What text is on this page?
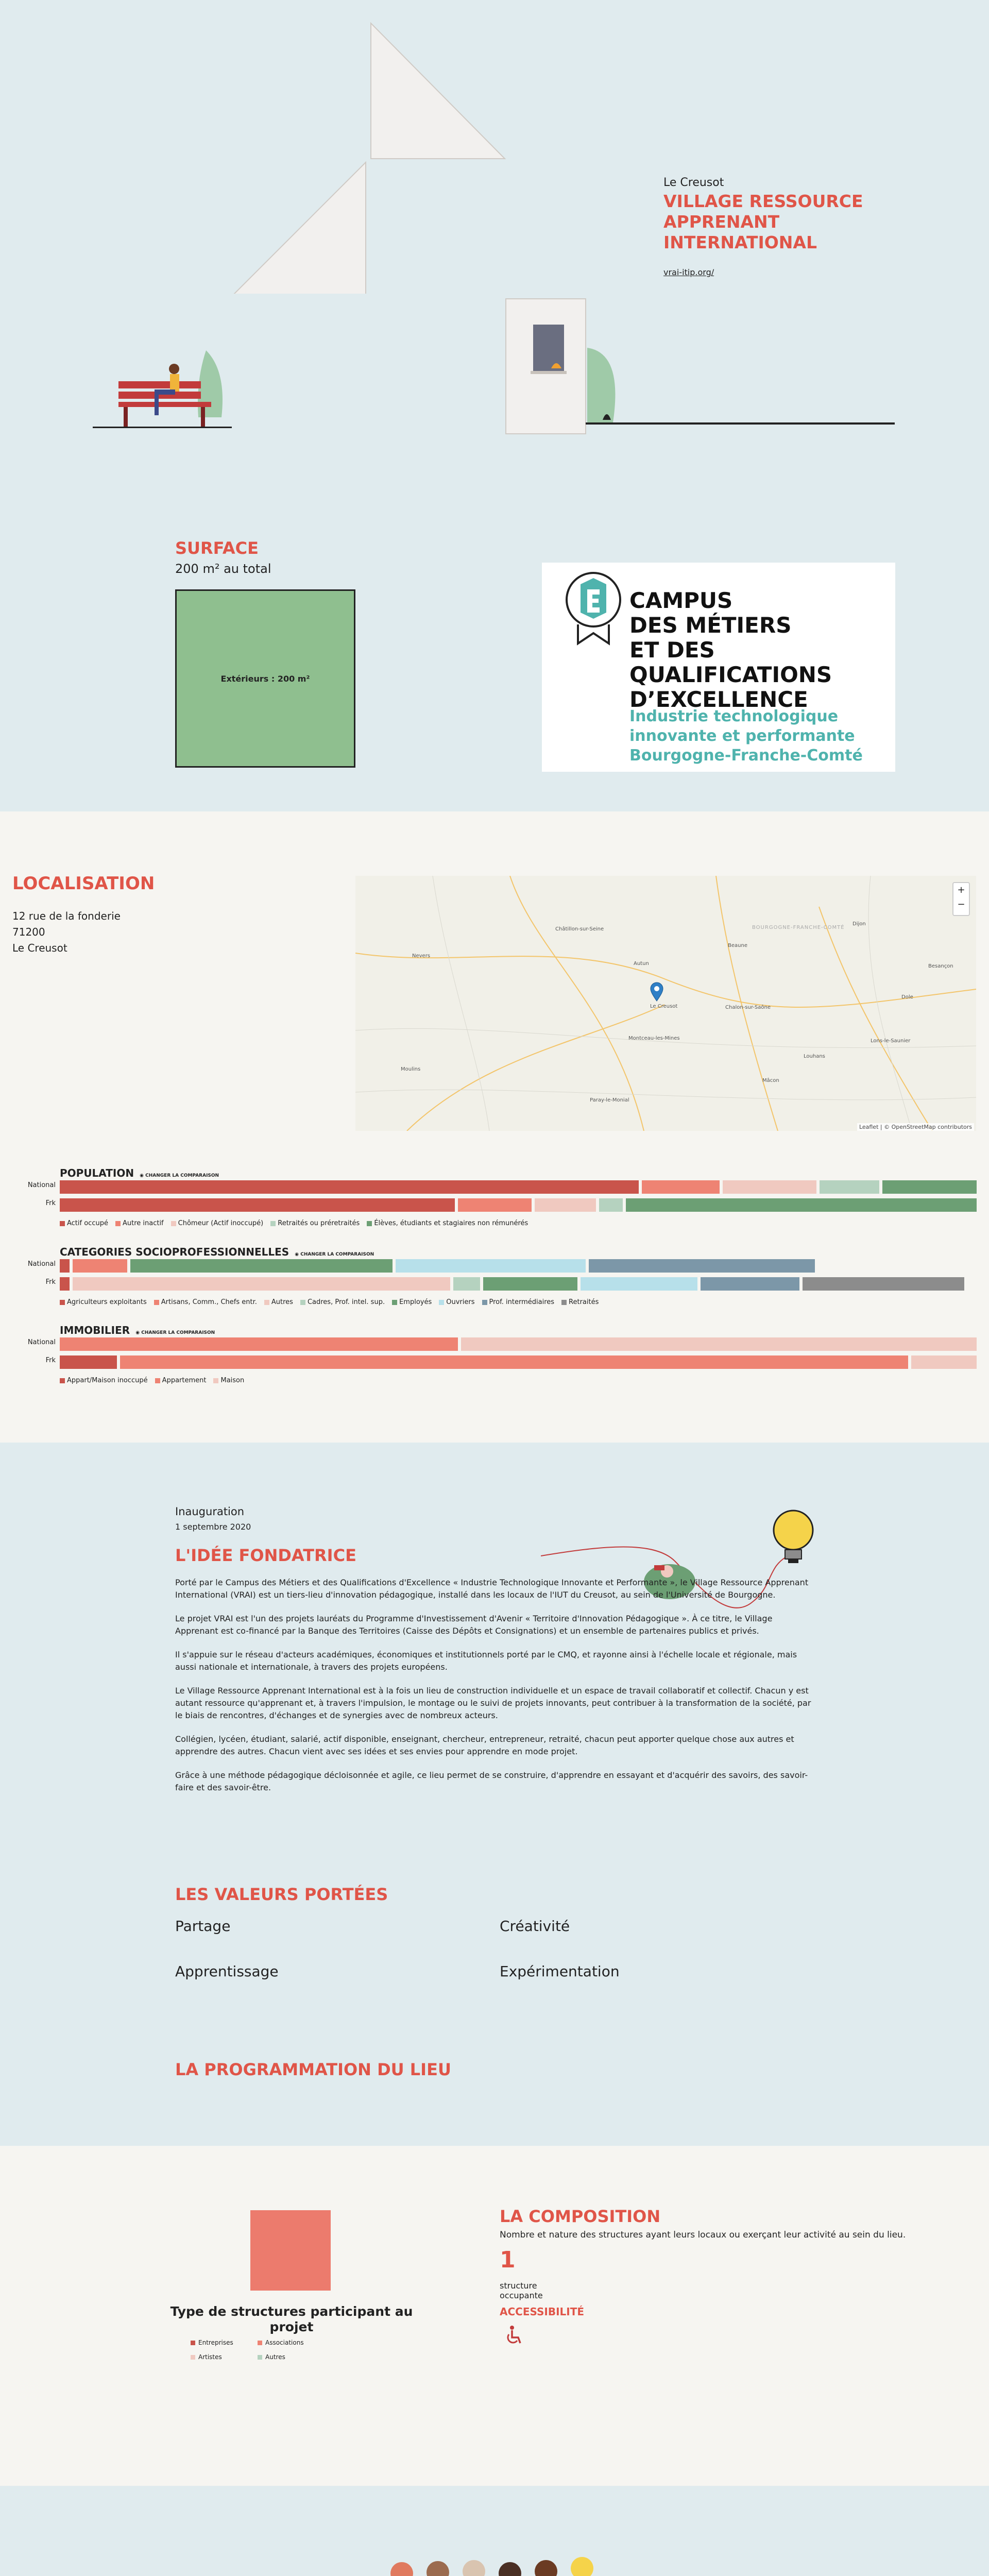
Le Creusot

VILLAGE RESSOURCE
APPRENANT
INTERNATIONAL
vrai-itip.org/
SURFACE
200 m² au total
Extérieurs : 200 m²
CAMPUS
DES MÉTIERS
ET DES
QUALIFICATIONS
D’EXCELLENCE
Industrie technologique
innovante et performante
Bourgogne-Franche-Comté
LOCALISATION
12 rue de la fonderie
71200
Le Creusot
Châtillon-sur-Seine	BOURGOGNE-FRANCHE-COMTÉ
Dijon
Beaune
Autun
Le Creusot	Chalon-sur-Saône
Dole
Montceau-les-Mines
Mâcon
Nevers
Moulins
Louhans
Lons-le-Saunier
Paray-le-Monial
Besançon
+
−
Leaflet | © OpenStreetMap contributors
POPULATION ◉ CHANGER LA COMPARAISON
National
Frk
Actif occupé	Autre inactif	Chômeur (Actif inoccupé)	Retraités ou préretraités	Élèves, étudiants et stagiaires non rémunérés
CATEGORIES SOCIOPROFESSIONNELLES ◉ CHANGER LA COMPARAISON
National
Frk
Agriculteurs exploitants	Artisans, Comm., Chefs entr.	Autres	Cadres, Prof. intel. sup.	Employés	Ouvriers	Prof. intermédiaires	Retraités
IMMOBILIER ◉ CHANGER LA COMPARAISON
National
Frk
Appart/Maison inoccupé	Appartement	Maison
Inauguration
1 septembre 2020
L'IDÉE FONDATRICE

Porté par le Campus des Métiers et des Qualifications d'Excellence « Industrie Technologique Innovante et Performante », le Village Ressource Apprenant International (VRAI) est un tiers-lieu d'innovation pédagogique, installé dans les locaux de l'IUT du Creusot, au sein de l'Université de Bourgogne.

Le projet VRAI est l'un des projets lauréats du Programme d'Investissement d'Avenir « Territoire d'Innovation Pédagogique ». À ce titre, le Village Apprenant est co-financé par la Banque des Territoires (Caisse des Dépôts et Consignations) et un ensemble de partenaires publics et privés.

Il s'appuie sur le réseau d'acteurs académiques, économiques et institutionnels porté par le CMQ, et rayonne ainsi à l'échelle locale et régionale, mais aussi nationale et internationale, à travers des projets européens.

Le Village Ressource Apprenant International est à la fois un lieu de construction individuelle et un espace de travail collaboratif et collectif. Chacun y est autant ressource qu'apprenant et, à travers l'impulsion, le montage ou le suivi de projets innovants, peut contribuer à la transformation de la société, par le biais de rencontres, d'échanges et de synergies avec de nombreux acteurs.

Collégien, lycéen, étudiant, salarié, actif disponible, enseignant, chercheur, entrepreneur, retraité, chacun peut apporter quelque chose aux autres et apprendre des autres. Chacun vient avec ses idées et ses envies pour apprendre en mode projet.

Grâce à une méthode pédagogique décloisonnée et agile, ce lieu permet de se construire, d'apprendre en essayant et d'acquérir des savoirs, des savoir-faire et des savoir-être.

LES VALEURS PORTÉES
Partage	Créativité
Apprentissage	Expérimentation
LA PROGRAMMATION DU LIEU
Type de structures participant au projet
Entreprises	Associations
Artistes	Autres
LA COMPOSITION
Nombre et nature des structures ayant leurs locaux ou exerçant leur activité au sein du lieu.
1
structure
occupante
ACCESSIBILITÉ
